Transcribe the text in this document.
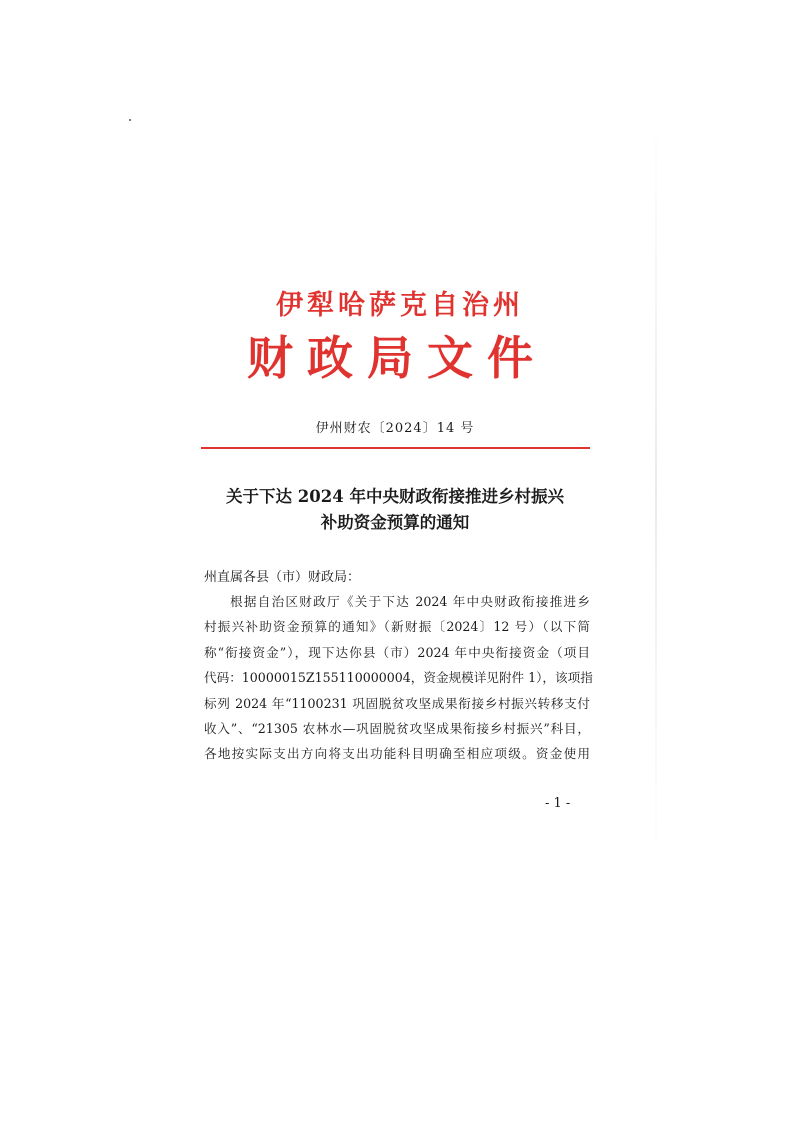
伊犁哈萨克自治州
财政局文件
伊州财农〔2024〕14 号
关于下达 2024 年中央财政衔接推进乡村振兴
补助资金预算的通知
州直属各县（市）财政局：
根据自治区财政厅《关于下达 2024 年中央财政衔接推进乡
村振兴补助资金预算的通知》（新财振〔2024〕12 号）（以下简
称“衔接资金”），现下达你县（市）2024 年中央衔接资金（项目
代码：10000015Z155110000004，资金规模详见附件 1），该项指
标列 2024 年“1100231 巩固脱贫攻坚成果衔接乡村振兴转移支付
收入”、“21305 农林水—巩固脱贫攻坚成果衔接乡村振兴”科目，
各地按实际支出方向将支出功能科目明确至相应项级。资金使用
- 1 -
